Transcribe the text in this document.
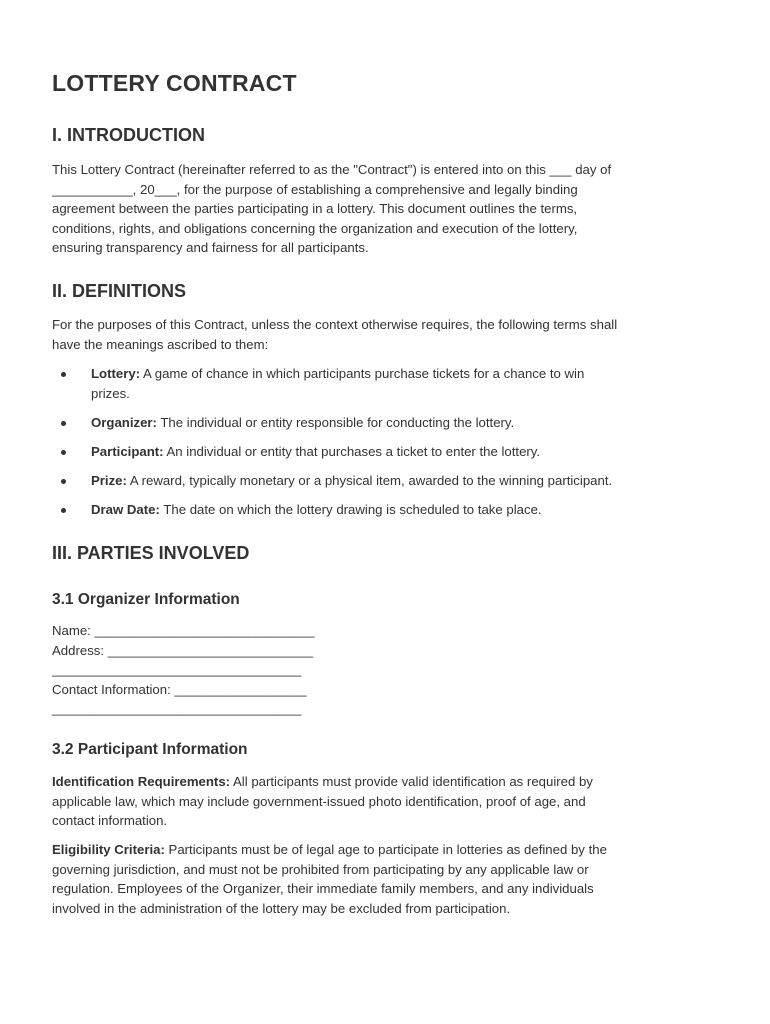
LOTTERY CONTRACT
I. INTRODUCTION
This Lottery Contract (hereinafter referred to as the "Contract") is entered into on this ___ day of
___________, 20___, for the purpose of establishing a comprehensive and legally binding
agreement between the parties participating in a lottery. This document outlines the terms,
conditions, rights, and obligations concerning the organization and execution of the lottery,
ensuring transparency and fairness for all participants.
II. DEFINITIONS
For the purposes of this Contract, unless the context otherwise requires, the following terms shall
have the meanings ascribed to them:
Lottery: A game of chance in which participants purchase tickets for a chance to win
prizes.
Organizer: The individual or entity responsible for conducting the lottery.
Participant: An individual or entity that purchases a ticket to enter the lottery.
Prize: A reward, typically monetary or a physical item, awarded to the winning participant.
Draw Date: The date on which the lottery drawing is scheduled to take place.
III. PARTIES INVOLVED
3.1 Organizer Information
Name: ______________________________
Address: ____________________________
__________________________________
Contact Information: __________________
__________________________________
3.2 Participant Information
Identification Requirements: All participants must provide valid identification as required by
applicable law, which may include government-issued photo identification, proof of age, and
contact information.
Eligibility Criteria: Participants must be of legal age to participate in lotteries as defined by the
governing jurisdiction, and must not be prohibited from participating by any applicable law or
regulation. Employees of the Organizer, their immediate family members, and any individuals
involved in the administration of the lottery may be excluded from participation.
